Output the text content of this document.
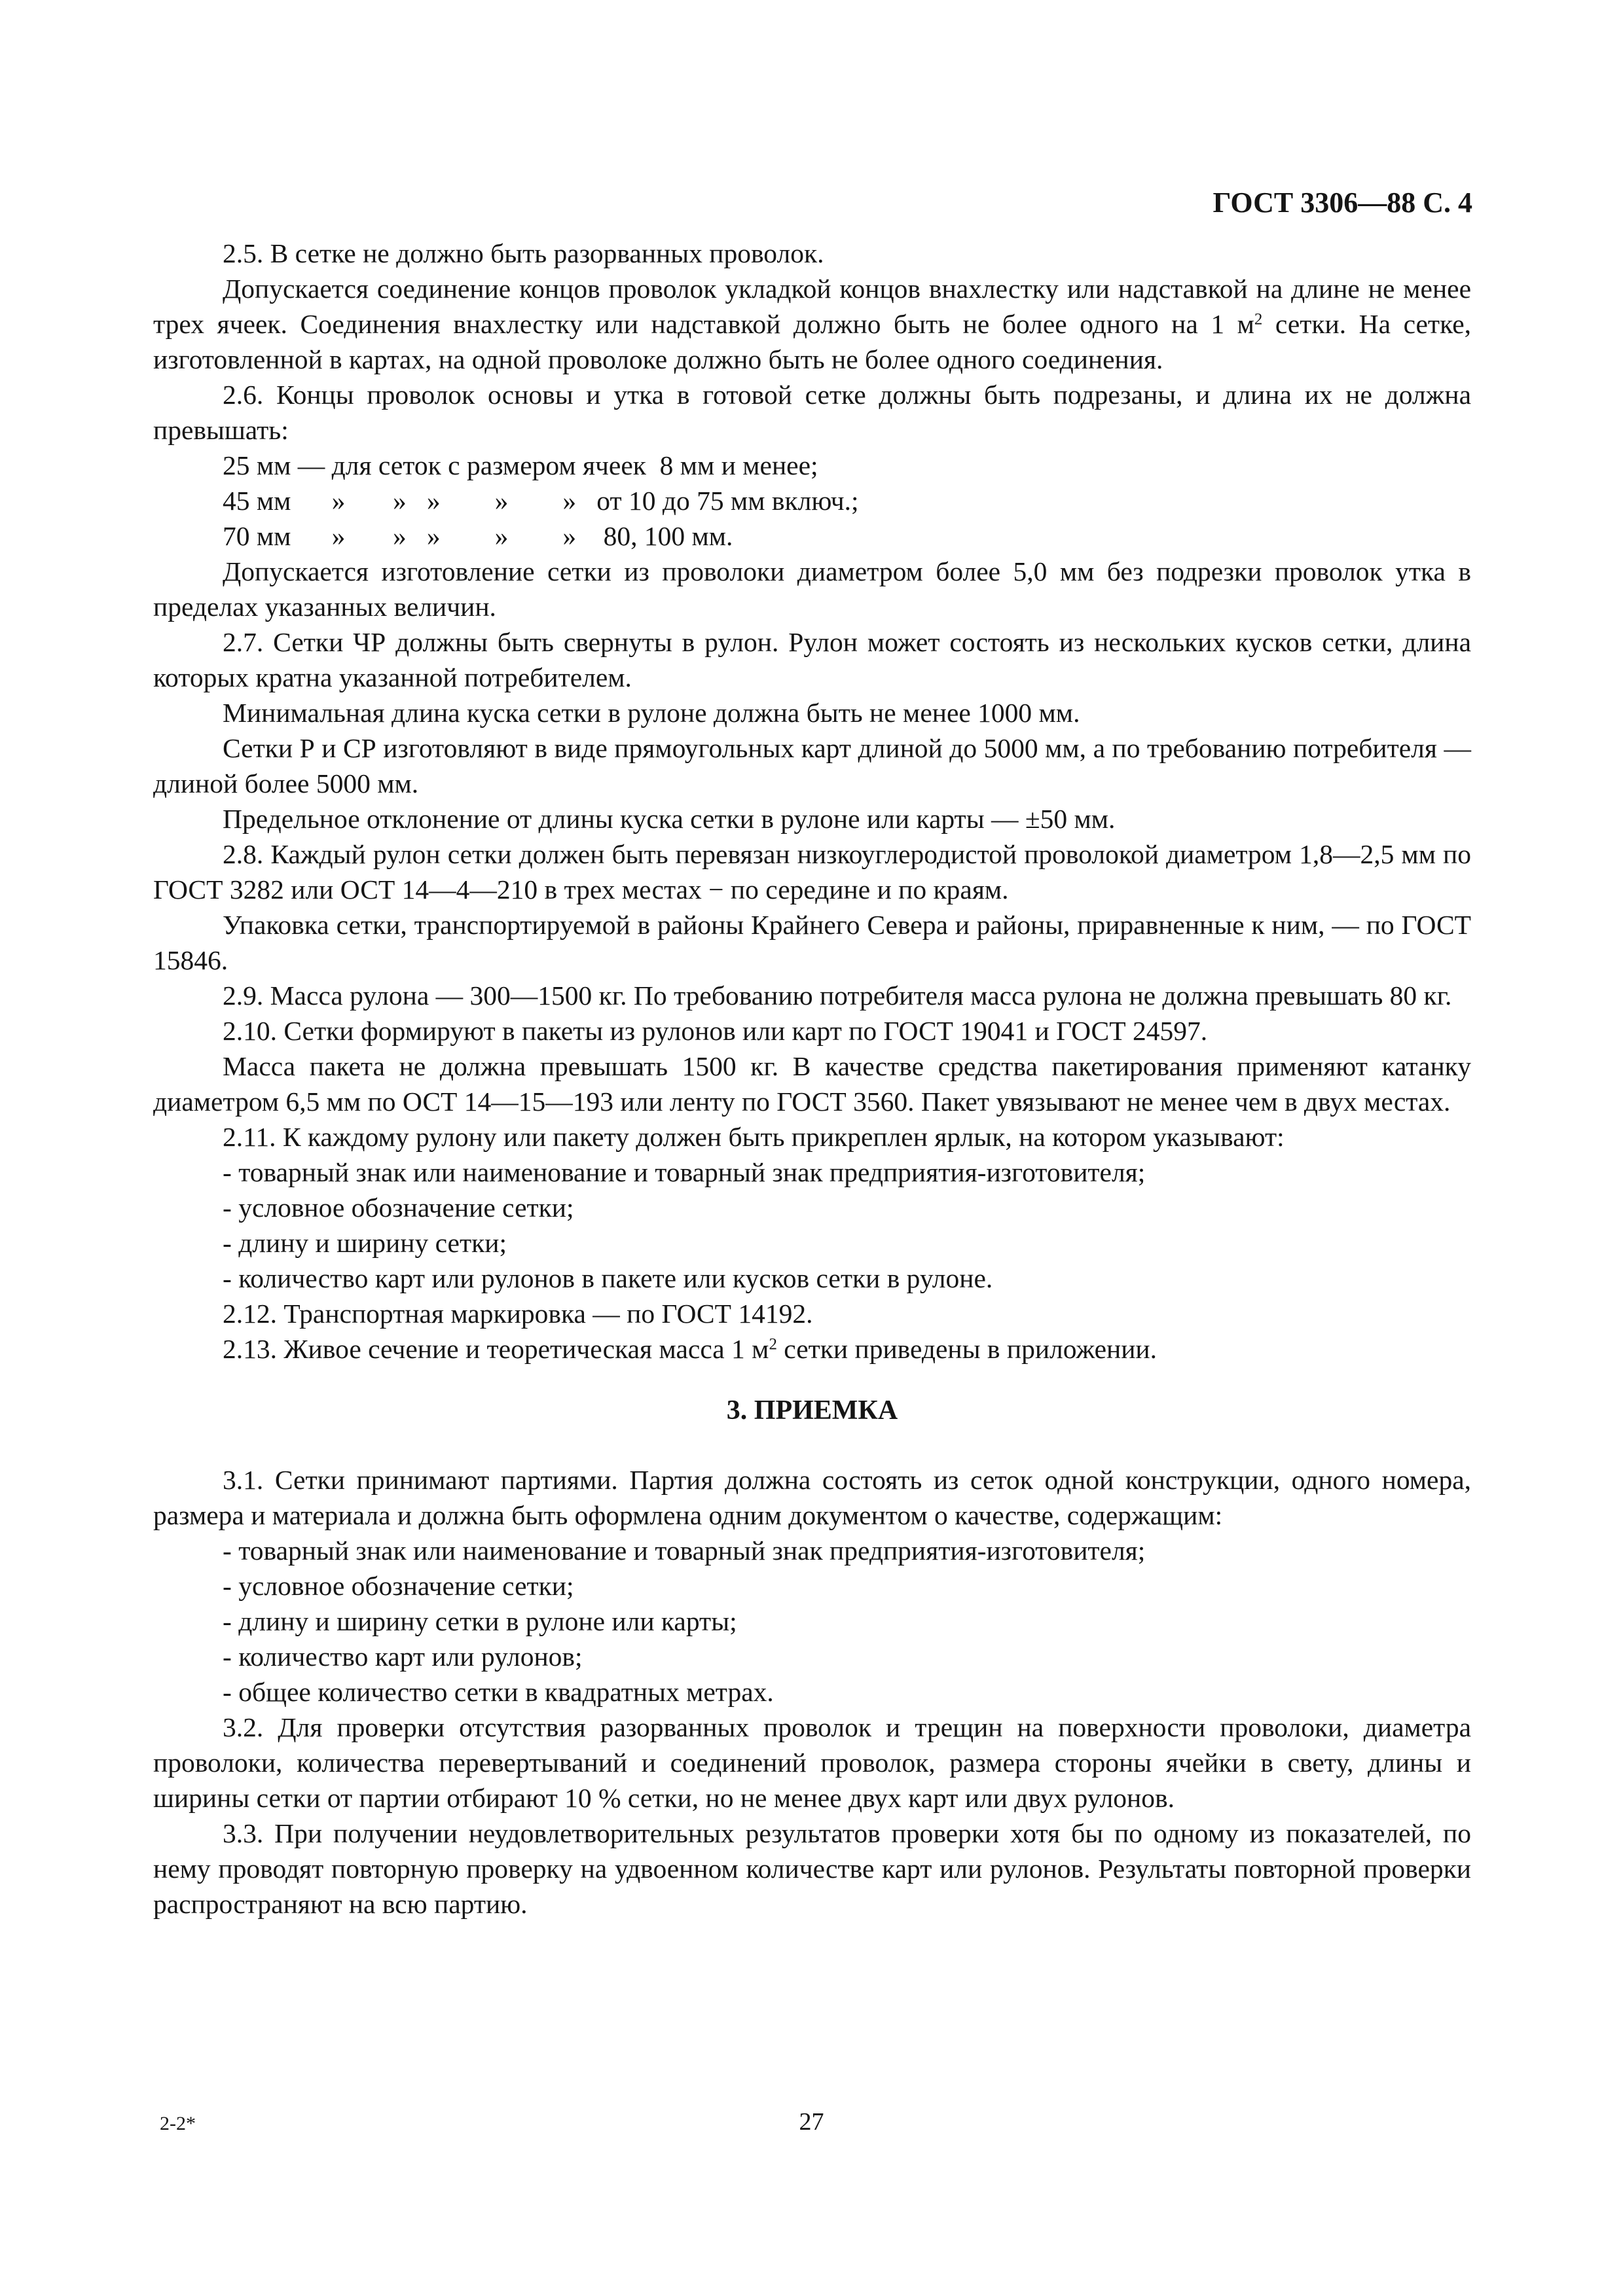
ГОСТ 3306—88 С. 4

2.5. В сетке не должно быть разорванных проволок.

Допускается соединение концов проволок укладкой концов внахлестку или надставкой на длине не менее трех ячеек. Соединения внахлестку или надставкой должно быть не более одного на 1 $м^2$ сетки. На сетке, изготовленной в картах, на одной проволоке должно быть не более одного соединения.

2.6. Концы проволок основы и утка в готовой сетке должны быть подрезаны, и длина их не должна превышать:

25 мм — для сеток с размером ячеек  8 мм и менее;

45 мм      »       »   »        »        »   от 10 до 75 мм включ.;

70 мм      »       »   »        »        »    80, 100 мм.

Допускается изготовление сетки из проволоки диаметром более 5,0 мм без подрезки проволок утка в пределах указанных величин.

2.7. Сетки ЧР должны быть свернуты в рулон. Рулон может состоять из нескольких кусков сетки, длина которых кратна указанной потребителем.

Минимальная длина куска сетки в рулоне должна быть не менее 1000 мм.

Сетки Р и СР изготовляют в виде прямоугольных карт длиной до 5000 мм, а по требованию потребителя — длиной более 5000 мм.

Предельное отклонение от длины куска сетки в рулоне или карты — ±50 мм.

2.8. Каждый рулон сетки должен быть перевязан низкоуглеродистой проволокой диаметром 1,8—2,5 мм по ГОСТ 3282 или ОСТ 14—4—210 в трех местах − по середине и по краям.

Упаковка сетки, транспортируемой в районы Крайнего Севера и районы, приравненные к ним, — по ГОСТ 15846.

2.9. Масса рулона — 300—1500 кг. По требованию потребителя масса рулона не должна превышать 80 кг.

2.10. Сетки формируют в пакеты из рулонов или карт по ГОСТ 19041 и ГОСТ 24597.

Масса пакета не должна превышать 1500 кг. В качестве средства пакетирования применяют катанку диаметром 6,5 мм по ОСТ 14—15—193 или ленту по ГОСТ 3560. Пакет увязывают не менее чем в двух местах.

2.11. К каждому рулону или пакету должен быть прикреплен ярлык, на котором указывают:

- товарный знак или наименование и товарный знак предприятия-изготовителя;

- условное обозначение сетки;

- длину и ширину сетки;

- количество карт или рулонов в пакете или кусков сетки в рулоне.

2.12. Транспортная маркировка — по ГОСТ 14192.

2.13. Живое сечение и теоретическая масса 1 $м^2$ сетки приведены в приложении.

3. ПРИЕМКА

3.1. Сетки принимают партиями. Партия должна состоять из сеток одной конструкции, одного номера, размера и материала и должна быть оформлена одним документом о качестве, содержащим:

- товарный знак или наименование и товарный знак предприятия-изготовителя;

- условное обозначение сетки;

- длину и ширину сетки в рулоне или карты;

- количество карт или рулонов;

- общее количество сетки в квадратных метрах.

3.2. Для проверки отсутствия разорванных проволок и трещин на поверхности проволоки, диаметра проволоки, количества перевертываний и соединений проволок, размера стороны ячейки в свету, длины и ширины сетки от партии отбирают 10 % сетки, но не менее двух карт или двух рулонов.

3.3. При получении неудовлетворительных результатов проверки хотя бы по одному из показателей, по нему проводят повторную проверку на удвоенном количестве карт или рулонов. Результаты повторной проверки распространяют на всю партию.

2-2*	27
